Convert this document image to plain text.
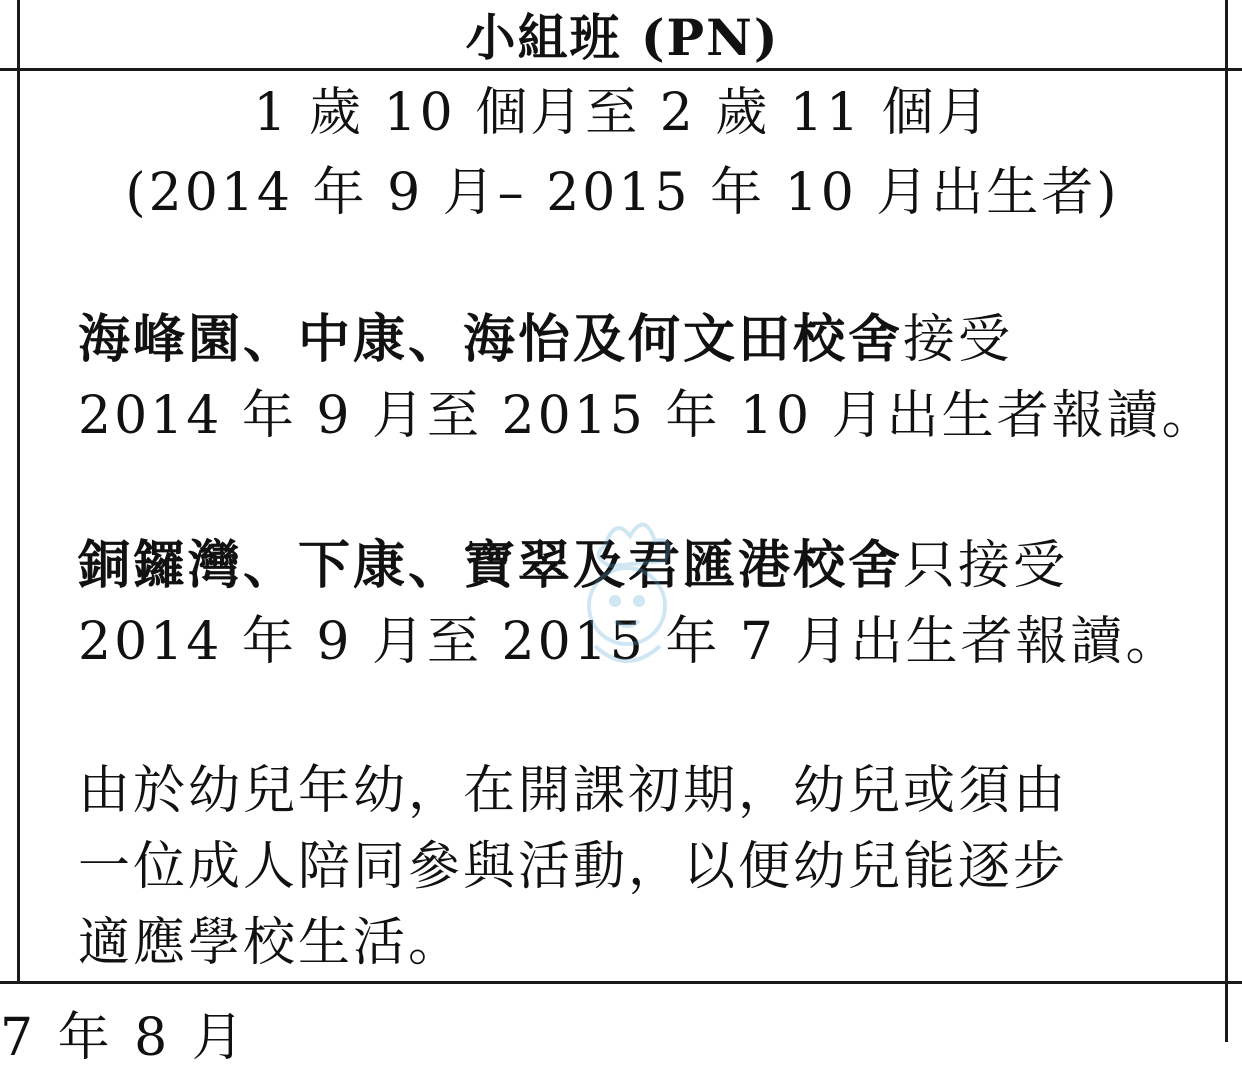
小組班 (PN)
1 歲 10 個月至 2 歲 11 個月
(2014 年 9 月– 2015 年 10 月出生者)
海峰園、中康、海怡及何文田校舍接受
2014 年 9 月至 2015 年 10 月出生者報讀。
銅鑼灣、下康、寶翠及君匯港校舍只接受
2014 年 9 月至 2015 年 7 月出生者報讀。
由於幼兒年幼，在開課初期，幼兒或須由
一位成人陪同參與活動，以便幼兒能逐步
適應學校生活。
7 年 8 月
